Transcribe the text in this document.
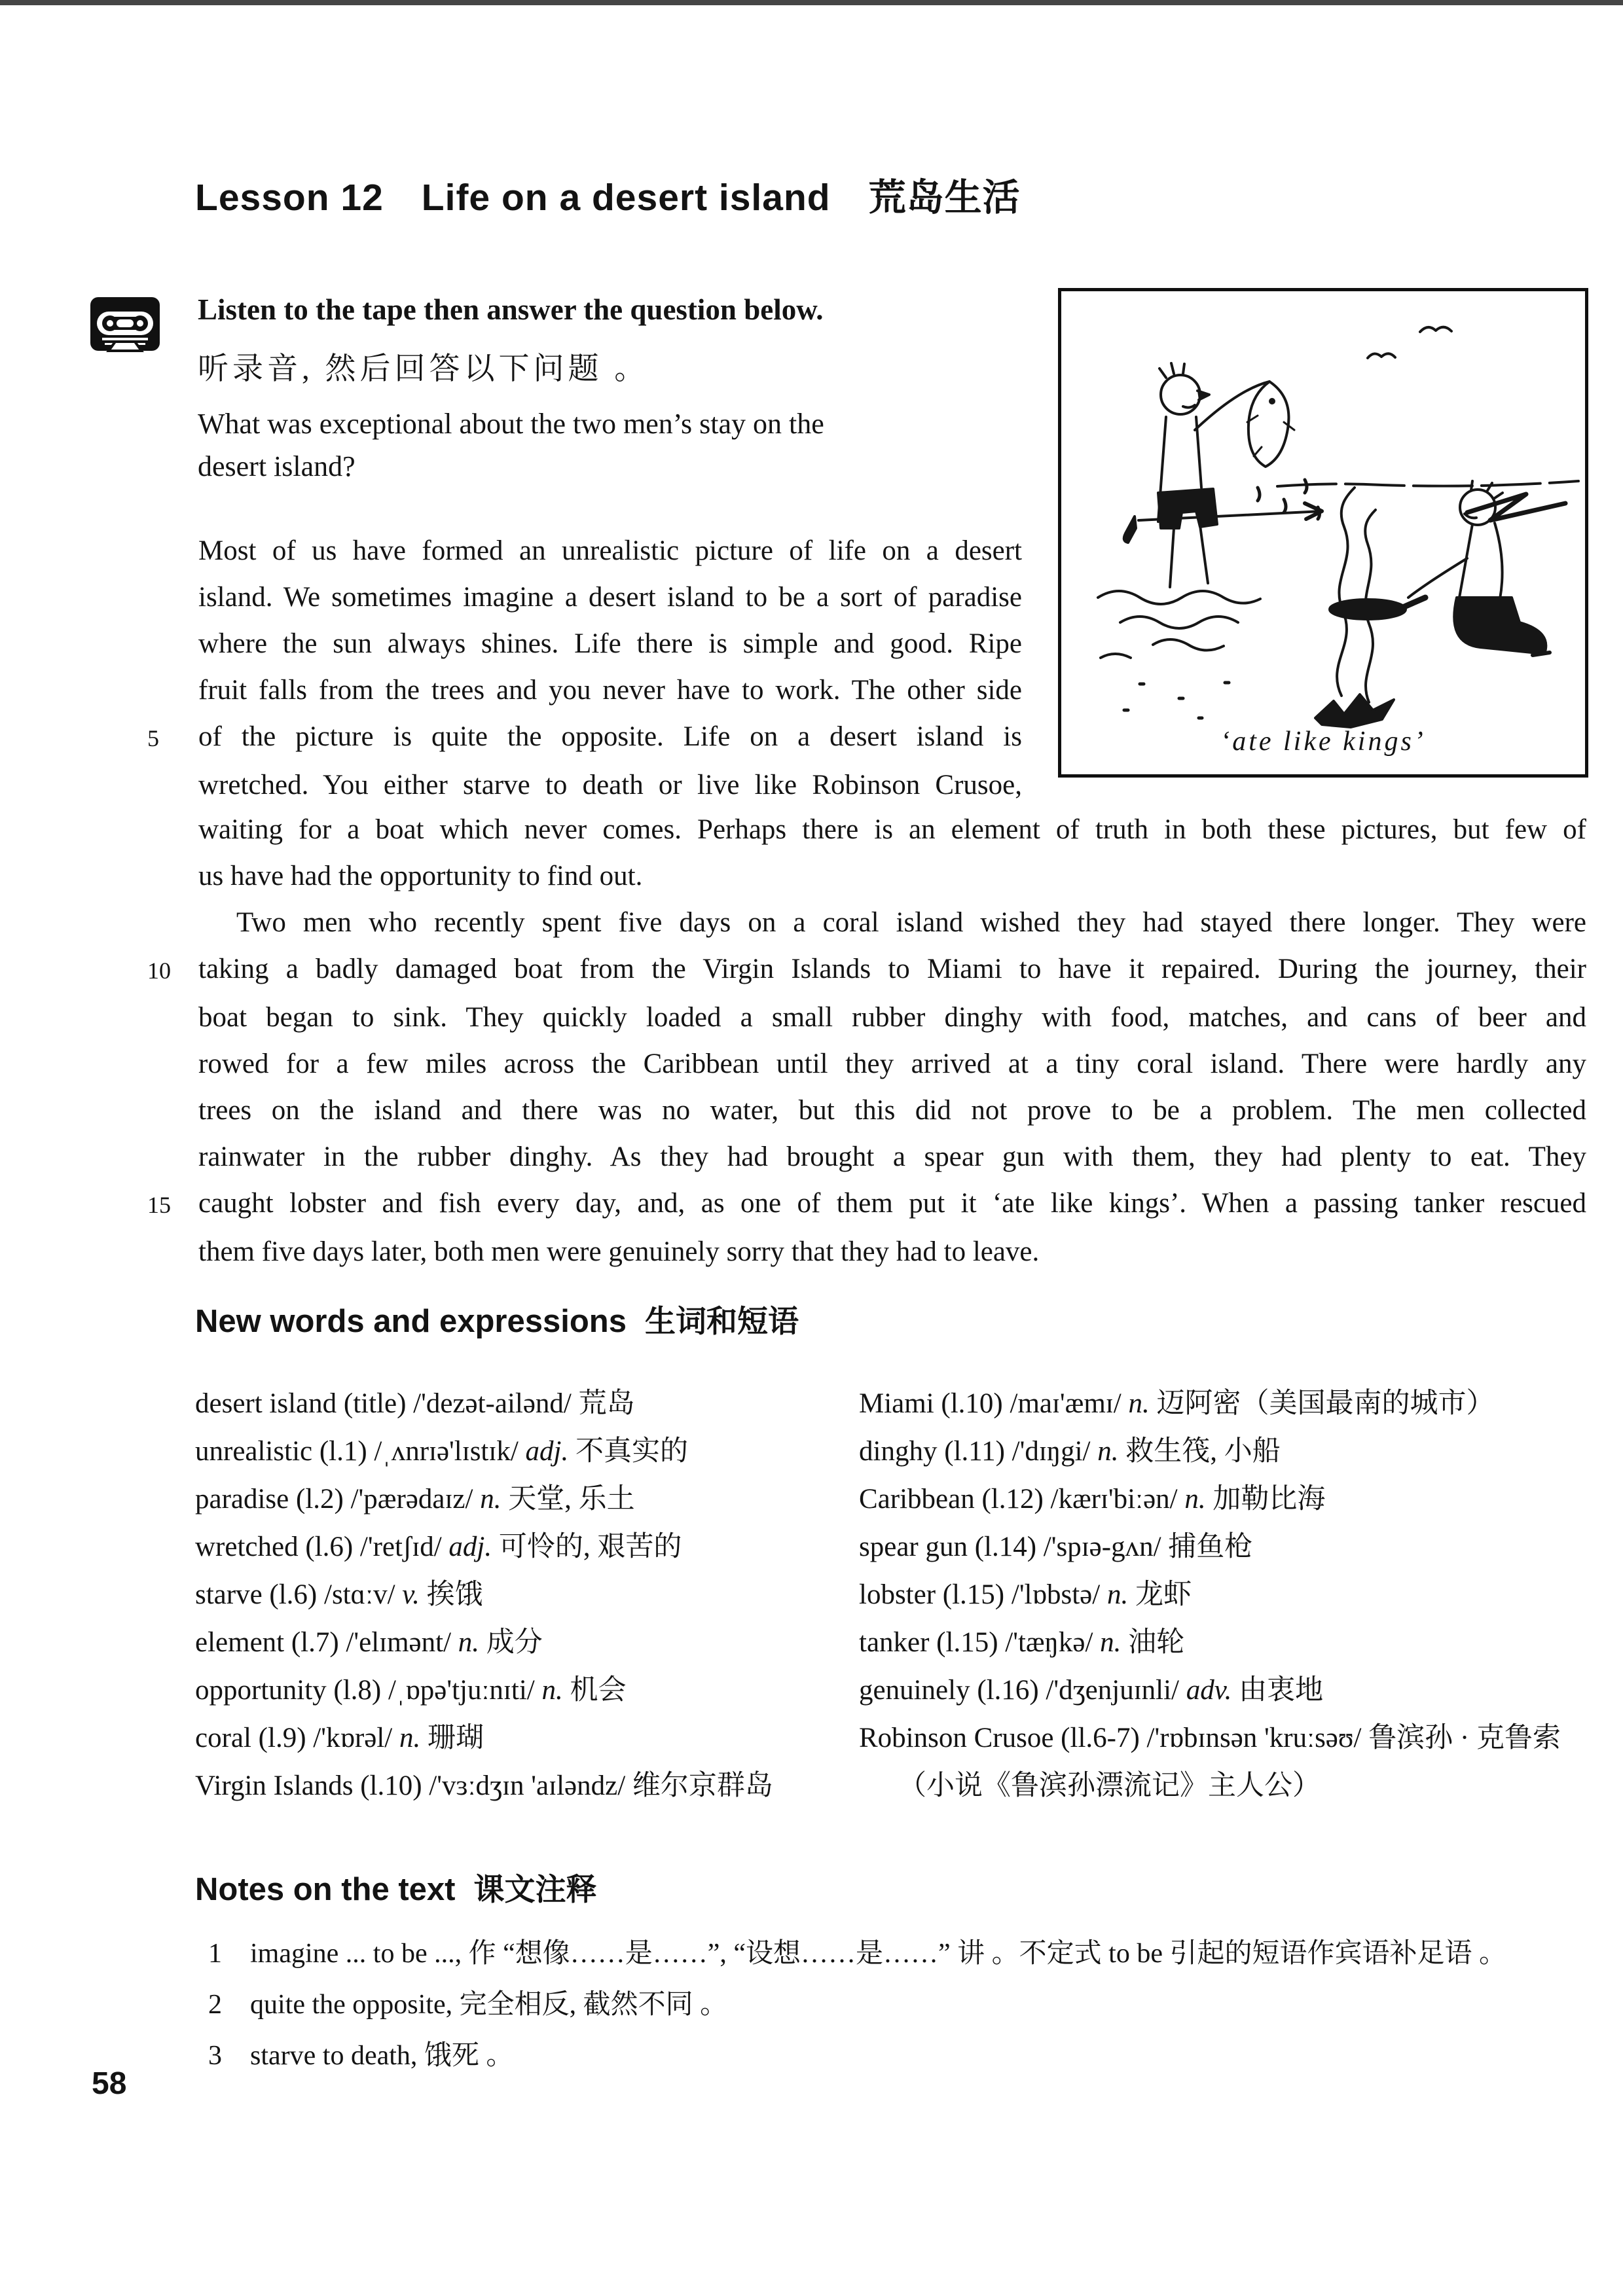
Lesson 12 Life on a desert island 荒岛生活
Listen to the tape then answer the question below.
听录音, 然后回答以下问题 。
What was exceptional about the two men’s stay on the
desert island?
‘ate like kings’
Most of us have formed an unrealistic picture of life on a desert
island. We sometimes imagine a desert island to be a sort of paradise
where the sun always shines. Life there is simple and good. Ripe
fruit falls from the trees and you never have to work. The other side
5	of the picture is quite the opposite. Life on a desert island is
wretched. You either starve to death or live like Robinson Crusoe,
waiting for a boat which never comes. Perhaps there is an element of truth in both these pictures, but few of
us have had the opportunity to find out.
Two men who recently spent five days on a coral island wished they had stayed there longer. They were
10 taking a badly damaged boat from the Virgin Islands to Miami to have it repaired. During the journey, their
boat began to sink. They quickly loaded a small rubber dinghy with food, matches, and cans of beer and
rowed for a few miles across the Caribbean until they arrived at a tiny coral island. There were hardly any
trees on the island and there was no water, but this did not prove to be a problem. The men collected
rainwater in the rubber dinghy. As they had brought a spear gun with them, they had plenty to eat. They
15 caught lobster and fish every day, and, as one of them put it ‘ate like kings’. When a passing tanker rescued
them five days later, both men were genuinely sorry that they had to leave.
New words and expressions 生词和短语
desert island (title) /'dezət-ailənd/ 荒岛
unrealistic (l.1) /ˌʌnrɪə'lɪstɪk/ adj. 不真实的
paradise (l.2) /'pærədaɪz/ n. 天堂, 乐土
wretched (l.6) /'retʃɪd/ adj. 可怜的, 艰苦的
starve (l.6) /stɑːv/ v. 挨饿
element (l.7) /'elɪmənt/ n. 成分
opportunity (l.8) /ˌɒpə'tjuːnɪti/ n. 机会
coral (l.9) /'kɒrəl/ n. 珊瑚
Virgin Islands (l.10) /'vɜːdʒɪn 'aɪləndz/ 维尔京群岛
Miami (l.10) /maɪ'æmɪ/ n. 迈阿密（美国最南的城市）
dinghy (l.11) /'dɪŋgi/ n. 救生筏, 小船
Caribbean (l.12) /kærɪ'biːən/ n. 加勒比海
spear gun (l.14) /'spɪə-gʌn/ 捕鱼枪
lobster (l.15) /'lɒbstə/ n. 龙虾
tanker (l.15) /'tæŋkə/ n. 油轮
genuinely (l.16) /'dʒenjuɪnli/ adv. 由衷地
Robinson Crusoe (ll.6-7) /'rɒbɪnsən 'kruːsəʊ/ 鲁滨孙 · 克鲁索（小说《鲁滨孙漂流记》主人公）
Notes on the text 课文注释
1	imagine ... to be ..., 作 “想像……是……”, “设想……是……” 讲 。不定式 to be 引起的短语作宾语补足语 。
2	quite the opposite, 完全相反, 截然不同 。
3	starve to death, 饿死 。
58
